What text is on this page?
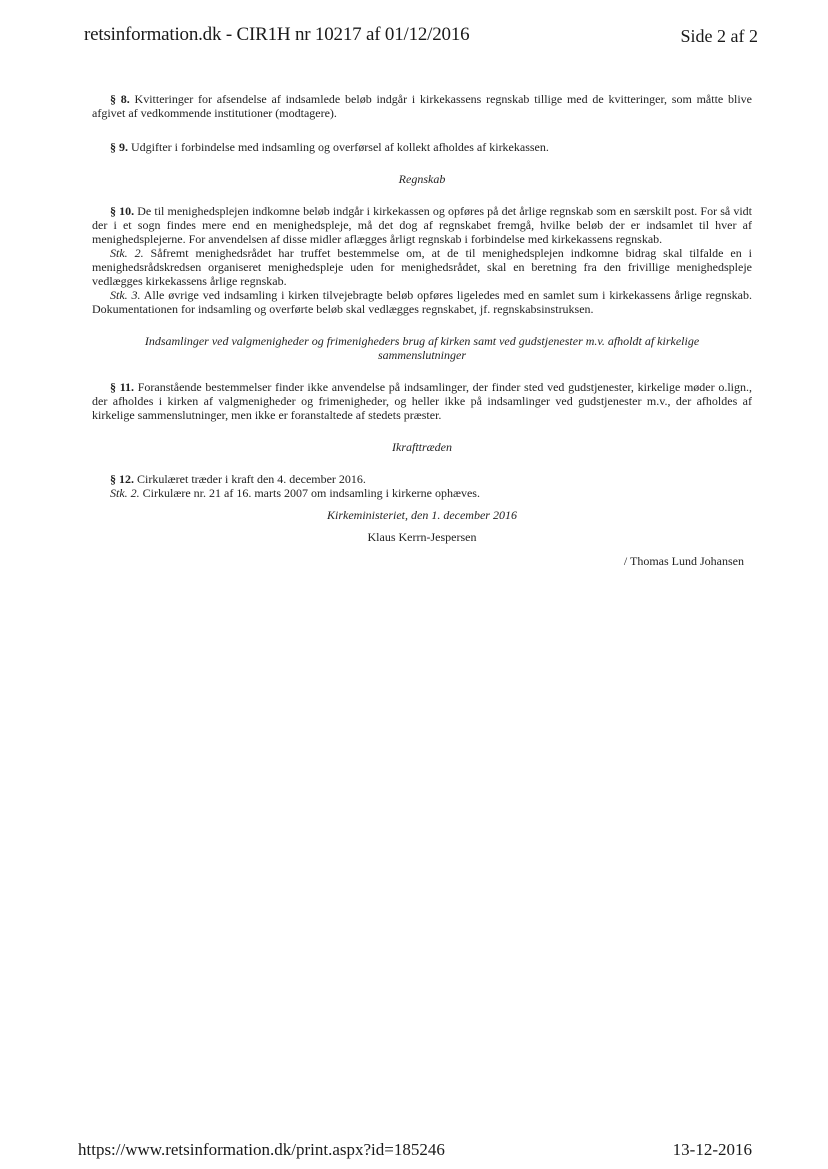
retsinformation.dk - CIR1H nr 10217 af 01/12/2016	Side 2 af 2

§ 8. Kvitteringer for afsendelse af indsamlede beløb indgår i kirkekassens regnskab tillige med de kvitteringer, som måtte blive afgivet af vedkommende institutioner (modtagere).

§ 9. Udgifter i forbindelse med indsamling og overførsel af kollekt afholdes af kirkekassen.

Regnskab

§ 10. De til menighedsplejen indkomne beløb indgår i kirkekassen og opføres på det årlige regnskab som en særskilt post. For så vidt der i et sogn findes mere end en menighedspleje, må det dog af regnskabet fremgå, hvilke beløb der er indsamlet til hver af menighedsplejerne. For anvendelsen af disse midler aflægges årligt regnskab i forbindelse med kirkekassens regnskab.

Stk. 2. Såfremt menighedsrådet har truffet bestemmelse om, at de til menighedsplejen indkomne bidrag skal tilfalde en i menighedsrådskredsen organiseret menighedspleje uden for menighedsrådet, skal en beretning fra den frivillige menighedspleje vedlægges kirkekassens årlige regnskab.

Stk. 3. Alle øvrige ved indsamling i kirken tilvejebragte beløb opføres ligeledes med en samlet sum i kirkekassens årlige regnskab. Dokumentationen for indsamling og overførte beløb skal vedlægges regnskabet, jf. regnskabsinstruksen.

Indsamlinger ved valgmenigheder og frimenigheders brug af kirken samt ved gudstjenester m.v. afholdt af kirkelige sammenslutninger

§ 11. Foranstående bestemmelser finder ikke anvendelse på indsamlinger, der finder sted ved gudstjenester, kirkelige møder o.lign., der afholdes i kirken af valgmenigheder og frimenigheder, og heller ikke på indsamlinger ved gudstjenester m.v., der afholdes af kirkelige sammenslutninger, men ikke er foranstaltede af stedets præster.

Ikrafttræden

§ 12. Cirkulæret træder i kraft den 4. december 2016.

Stk. 2. Cirkulære nr. 21 af 16. marts 2007 om indsamling i kirkerne ophæves.

Kirkeministeriet, den 1. december 2016

Klaus Kerrn-Jespersen

/ Thomas Lund Johansen

https://www.retsinformation.dk/print.aspx?id=185246	13-12-2016
